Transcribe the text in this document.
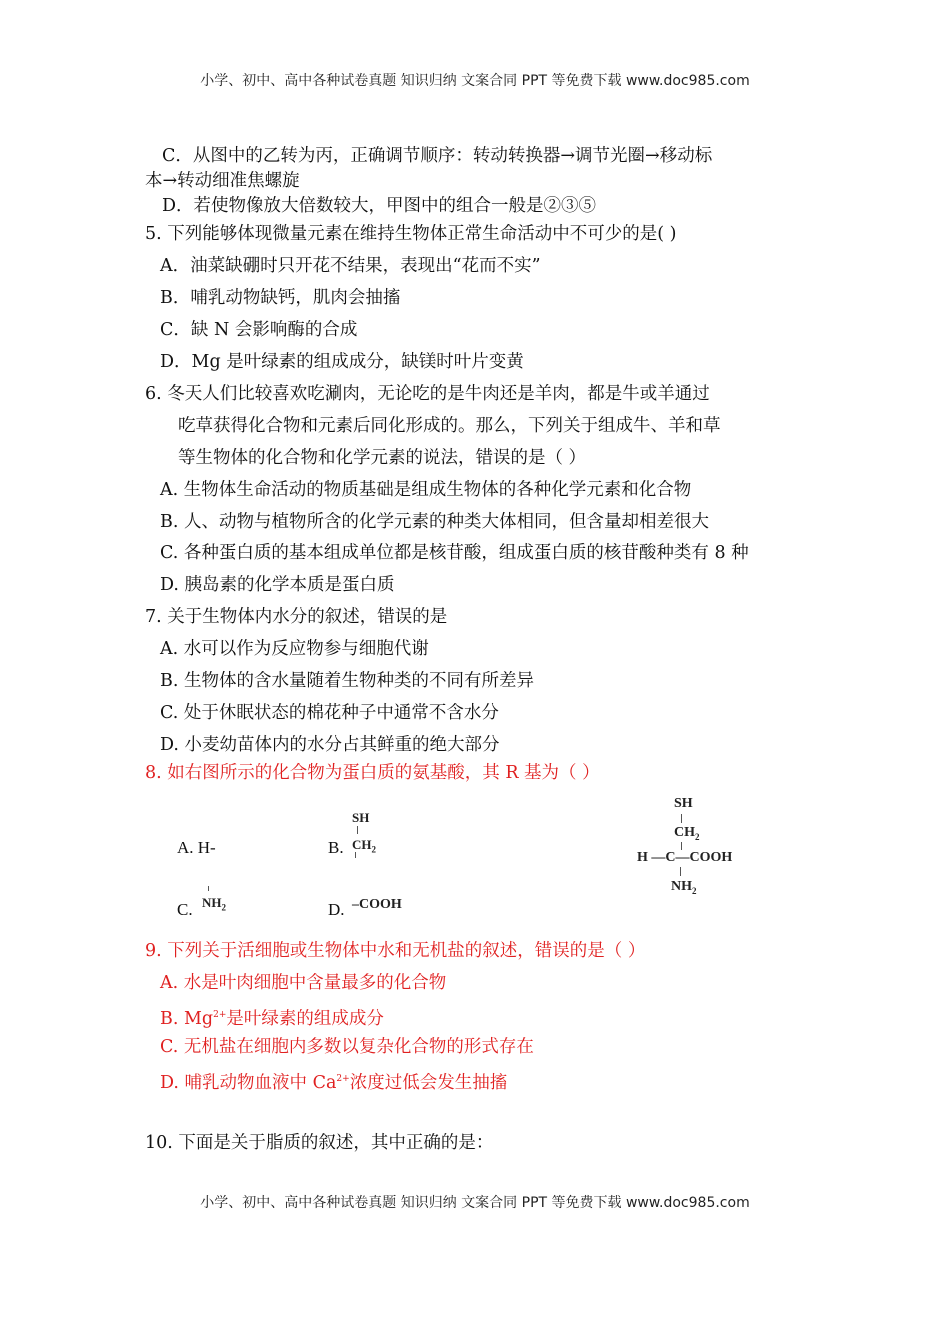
小学、初中、高中各种试卷真题 知识归纳 文案合同 PPT 等免费下载 www.doc985.com
C．从图中的乙转为丙，正确调节顺序：转动转换器→调节光圈→移动标
本→转动细准焦螺旋
D．若使物像放大倍数较大，甲图中的组合一般是②③⑤
5. 下列能够体现微量元素在维持生物体正常生命活动中不可少的是( )
A．油菜缺硼时只开花不结果，表现出“花而不实”
B．哺乳动物缺钙，肌肉会抽搐
C．缺 N 会影响酶的合成
D．Mg 是叶绿素的组成成分，缺镁时叶片变黄
6. 冬天人们比较喜欢吃涮肉，无论吃的是牛肉还是羊肉，都是牛或羊通过
吃草获得化合物和元素后同化形成的。那么，下列关于组成牛、羊和草
等生物体的化合物和化学元素的说法，错误的是（ ）
A. 生物体生命活动的物质基础是组成生物体的各种化学元素和化合物
B. 人、动物与植物所含的化学元素的种类大体相同，但含量却相差很大
C. 各种蛋白质的基本组成单位都是核苷酸，组成蛋白质的核苷酸种类有 8 种
D. 胰岛素的化学本质是蛋白质
7. 关于生物体内水分的叙述，错误的是
A. 水可以作为反应物参与细胞代谢
B. 生物体的含水量随着生物种类的不同有所差异
C. 处于休眠状态的棉花种子中通常不含水分
D. 小麦幼苗体内的水分占其鲜重的绝大部分
8. 如右图所示的化合物为蛋白质的氨基酸，其 R 基为（ ）
A. H-	B.
SH
$CH_2$
C. $NH_2$	D. –COOH
SH
$CH_2$
H —C—COOH
$NH_2$
9. 下列关于活细胞或生物体中水和无机盐的叙述，错误的是（ ）
A. 水是叶肉细胞中含量最多的化合物
B. $Mg^{2+}$是叶绿素的组成成分
C. 无机盐在细胞内多数以复杂化合物的形式存在
D. 哺乳动物血液中 $Ca^{2+}$浓度过低会发生抽搐
10. 下面是关于脂质的叙述，其中正确的是：
小学、初中、高中各种试卷真题 知识归纳 文案合同 PPT 等免费下载 www.doc985.com
